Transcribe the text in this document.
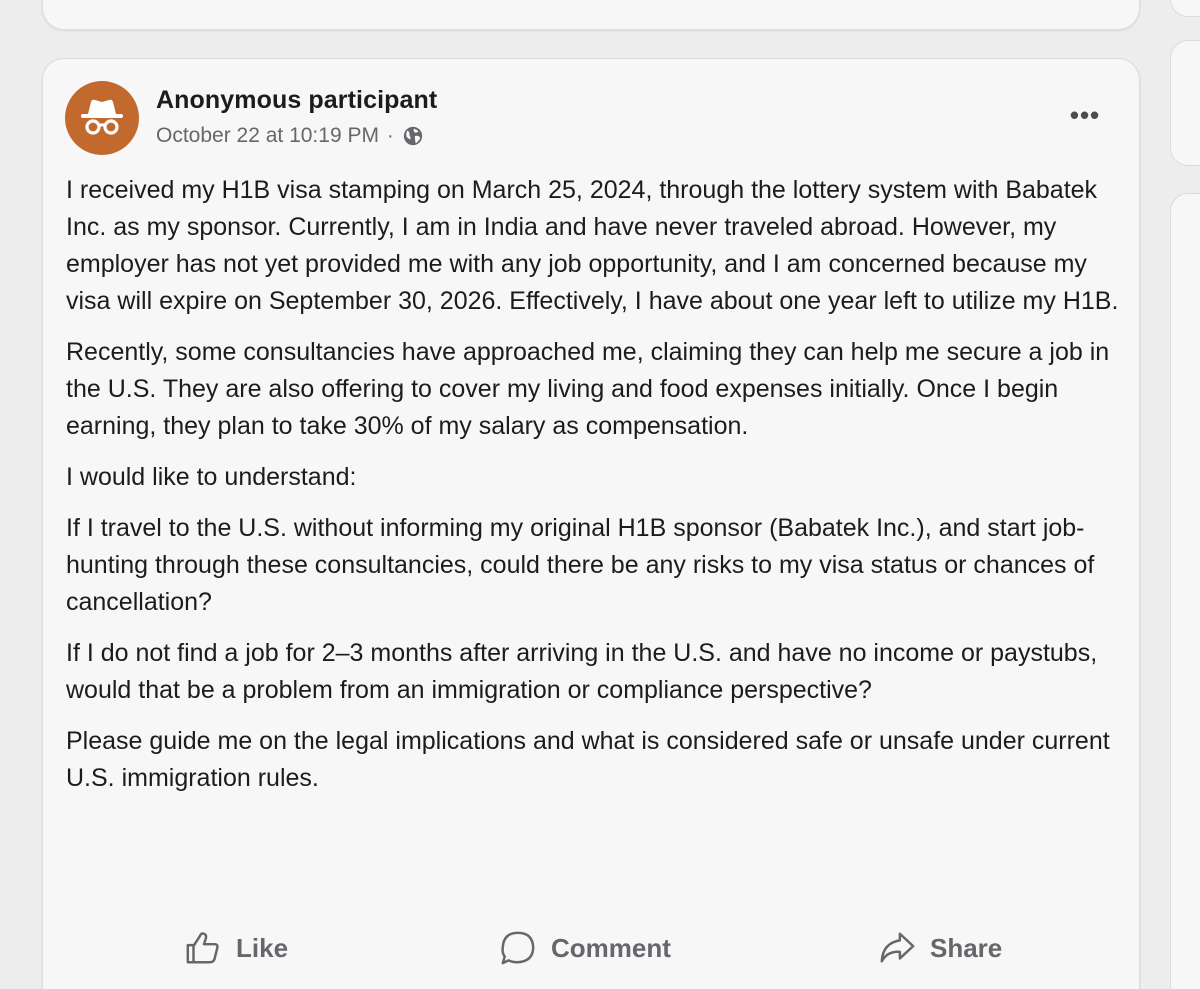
Anonymous participant
October 22 at 10:19 PM ·
•••

I received my H1B visa stamping on March 25, 2024, through the lottery system with Babatek Inc. as my sponsor. Currently, I am in India and have never traveled abroad. However, my employer has not yet provided me with any job opportunity, and I am concerned because my visa will expire on September 30, 2026. Effectively, I have about one year left to utilize my H1B.

Recently, some consultancies have approached me, claiming they can help me secure a job in the U.S. They are also offering to cover my living and food expenses initially. Once I begin earning, they plan to take 30% of my salary as compensation.

I would like to understand:

If I travel to the U.S. without informing my original H1B sponsor (Babatek Inc.), and start job-hunting through these consultancies, could there be any risks to my visa status or chances of cancellation?

If I do not find a job for 2–3 months after arriving in the U.S. and have no income or paystubs, would that be a problem from an immigration or compliance perspective?

Please guide me on the legal implications and what is considered safe or unsafe under current U.S. immigration rules.

Like	Comment	Share
